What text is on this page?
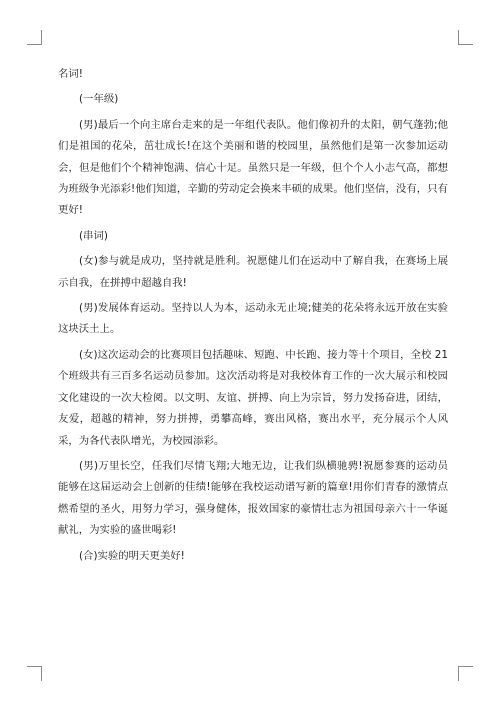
名词!

(一年级)

(男)最后一个向主席台走来的是一年组代表队。他们像初升的太阳，朝气蓬勃;他们是祖国的花朵，茁壮成长!在这个美丽和谐的校园里，虽然他们是第一次参加运动会，但是他们个个精神饱满、信心十足。虽然只是一年级，但个个人小志气高，都想为班级争光添彩!他们知道，辛勤的劳动定会换来丰硕的成果。他们坚信，没有，只有更好!

(串词)

(女)参与就是成功，坚持就是胜利。祝愿健儿们在运动中了解自我，在赛场上展示自我，在拼搏中超越自我!

(男)发展体育运动。坚持以人为本，运动永无止境;健美的花朵将永远开放在实验这块沃土上。

(女)这次运动会的比赛项目包括趣味、短跑、中长跑、接力等十个项目，全校 21 个班级共有三百多名运动员参加。这次活动将是对我校体育工作的一次大展示和校园文化建设的一次大检阅。以文明、友谊、拼搏、向上为宗旨，努力发扬奋进，团结，友爱，超越的精神，努力拼搏，勇攀高峰，赛出风格，赛出水平，充分展示个人风采，为各代表队增光，为校园添彩。

(男)万里长空，任我们尽情飞翔;大地无边，让我们纵横驰骋!祝愿参赛的运动员能够在这届运动会上创新的佳绩!能够在我校运动谱写新的篇章!用你们青春的激情点燃希望的圣火，用努力学习，强身健体，报效国家的豪情壮志为祖国母亲六十一华诞献礼，为实验的盛世喝彩!

(合)实验的明天更美好!
